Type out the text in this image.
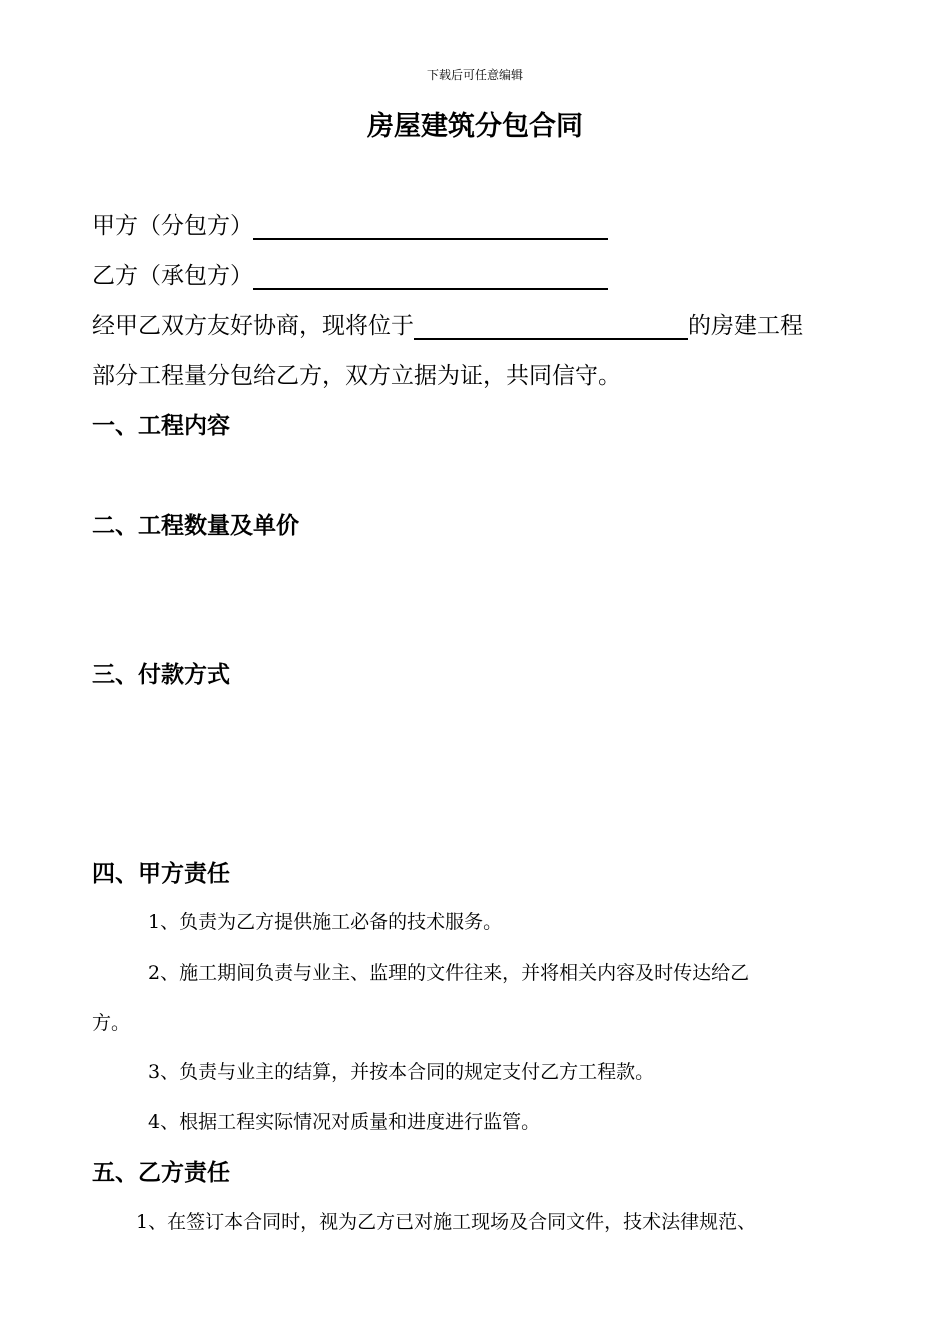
下载后可任意编辑
房屋建筑分包合同
甲方（分包方）
乙方（承包方）
经甲乙双方友好协商，现将位于	的房建工程
部分工程量分包给乙方，双方立据为证，共同信守。
一、工程内容
二、工程数量及单价
三、付款方式
四、甲方责任
1、负责为乙方提供施工必备的技术服务。
2、施工期间负责与业主、监理的文件往来，并将相关内容及时传达给乙
方。
3、负责与业主的结算，并按本合同的规定支付乙方工程款。
4、根据工程实际情况对质量和进度进行监管。
五、乙方责任
1、在签订本合同时，视为乙方已对施工现场及合同文件，技术法律规范、
